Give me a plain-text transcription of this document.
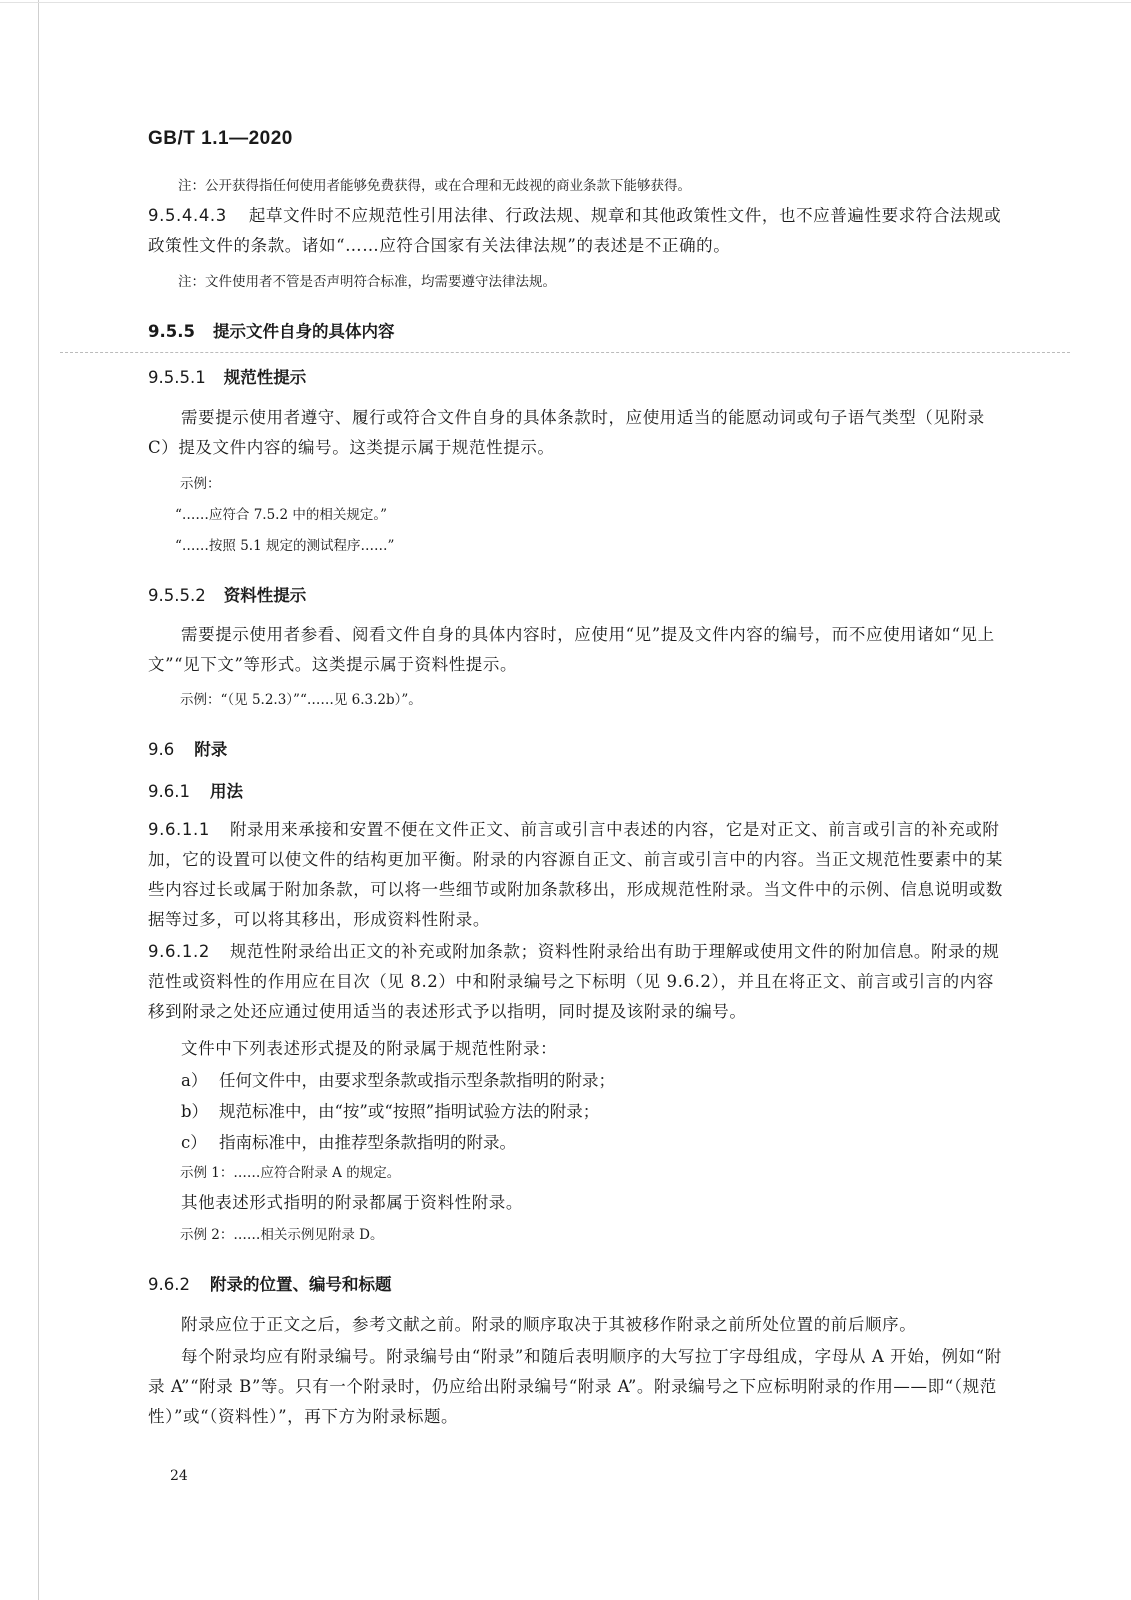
GB/T 1.1—2020
注：公开获得指任何使用者能够免费获得，或在合理和无歧视的商业条款下能够获得。
9.5.4.4.3 起草文件时不应规范性引用法律、行政法规、规章和其他政策性文件，也不应普遍性要求符合法规或政策性文件的条款。诸如“……应符合国家有关法律法规”的表述是不正确的。
注：文件使用者不管是否声明符合标准，均需要遵守法律法规。
9.5.5 提示文件自身的具体内容
9.5.5.1 规范性提示
需要提示使用者遵守、履行或符合文件自身的具体条款时，应使用适当的能愿动词或句子语气类型（见附录 C）提及文件内容的编号。这类提示属于规范性提示。
示例：
“……应符合 7.5.2 中的相关规定。”
“……按照 5.1 规定的测试程序……”
9.5.5.2 资料性提示
需要提示使用者参看、阅看文件自身的具体内容时，应使用“见”提及文件内容的编号，而不应使用诸如“见上文”“见下文”等形式。这类提示属于资料性提示。
示例：“（见 5.2.3）”“……见 6.3.2b）”。
9.6 附录
9.6.1 用法
9.6.1.1 附录用来承接和安置不便在文件正文、前言或引言中表述的内容，它是对正文、前言或引言的补充或附加，它的设置可以使文件的结构更加平衡。附录的内容源自正文、前言或引言中的内容。当正文规范性要素中的某些内容过长或属于附加条款，可以将一些细节或附加条款移出，形成规范性附录。当文件中的示例、信息说明或数据等过多，可以将其移出，形成资料性附录。
9.6.1.2 规范性附录给出正文的补充或附加条款；资料性附录给出有助于理解或使用文件的附加信息。附录的规范性或资料性的作用应在目次（见 8.2）中和附录编号之下标明（见 9.6.2），并且在将正文、前言或引言的内容移到附录之处还应通过使用适当的表述形式予以指明，同时提及该附录的编号。
文件中下列表述形式提及的附录属于规范性附录：
a） 任何文件中，由要求型条款或指示型条款指明的附录；
b） 规范标准中，由“按”或“按照”指明试验方法的附录；
c） 指南标准中，由推荐型条款指明的附录。
示例 1：……应符合附录 A 的规定。
其他表述形式指明的附录都属于资料性附录。
示例 2：……相关示例见附录 D。
9.6.2 附录的位置、编号和标题
附录应位于正文之后，参考文献之前。附录的顺序取决于其被移作附录之前所处位置的前后顺序。
每个附录均应有附录编号。附录编号由“附录”和随后表明顺序的大写拉丁字母组成，字母从 A 开始，例如“附录 A”“附录 B”等。只有一个附录时，仍应给出附录编号“附录 A”。附录编号之下应标明附录的作用——即“（规范性）”或“（资料性）”，再下方为附录标题。
24
